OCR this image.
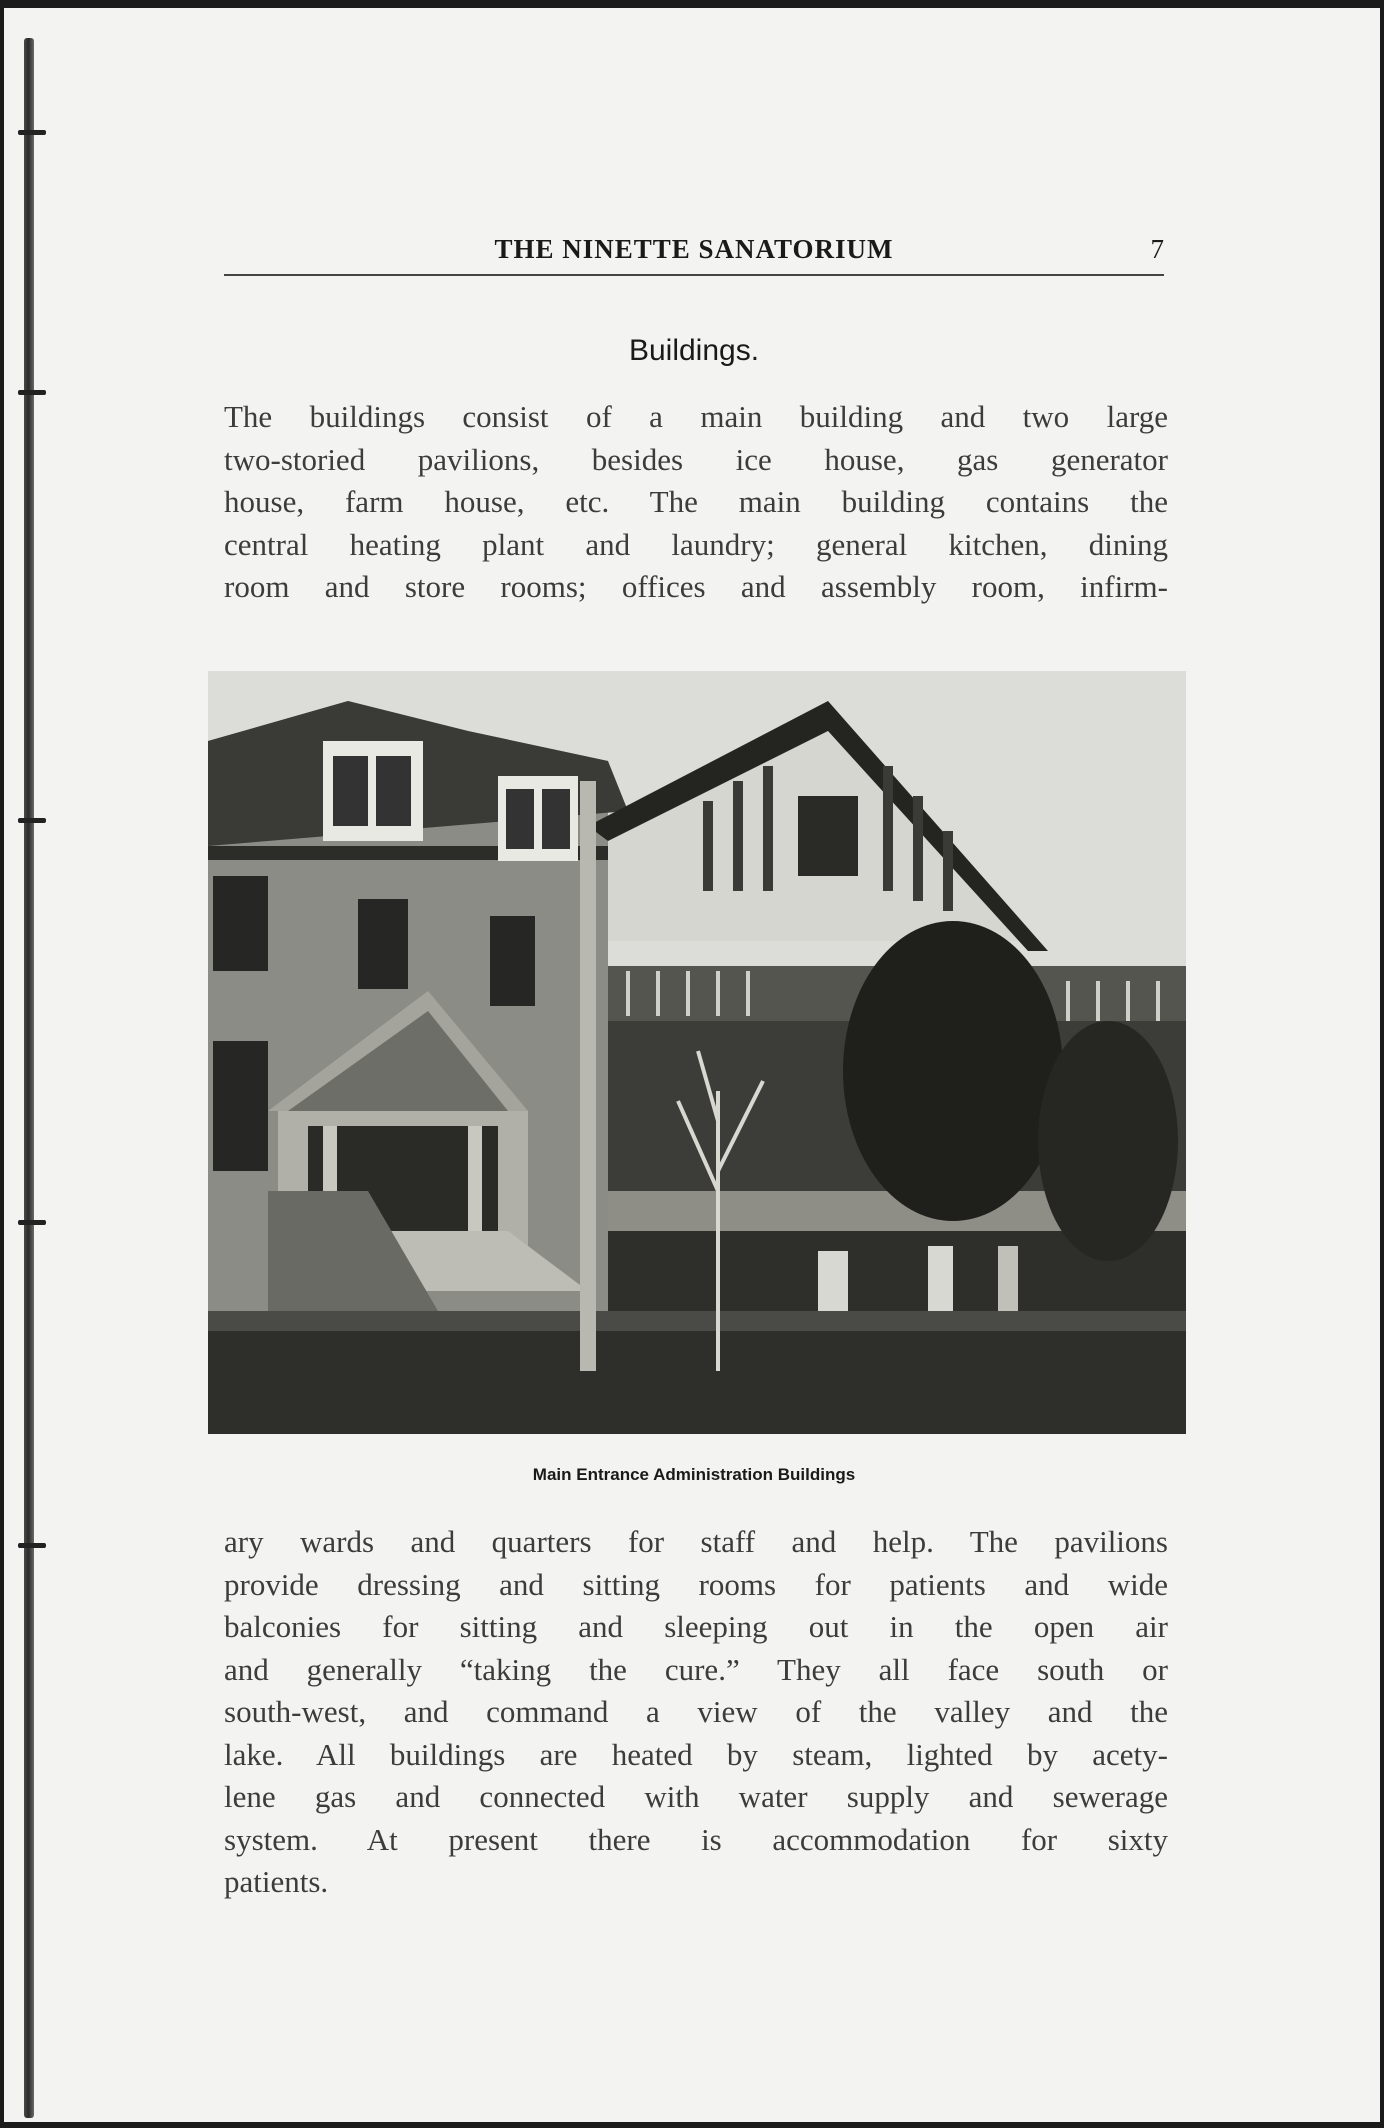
THE NINETTE SANATORIUM	7
Buildings.
The buildings consist of a main building and two large
two-storied pavilions, besides ice house, gas generator
house, farm house, etc. The main building contains the
central heating plant and laundry; general kitchen, dining
room and store rooms; offices and assembly room, infirm-
Main Entrance Administration Buildings
ary wards and quarters for staff and help. The pavilions
provide dressing and sitting rooms for patients and wide
balconies for sitting and sleeping out in the open air
and generally “taking the cure.” They all face south or
south-west, and command a view of the valley and the
lake. All buildings are heated by steam, lighted by acety-
lene gas and connected with water supply and sewerage
system. At present there is accommodation for sixty
patients.
